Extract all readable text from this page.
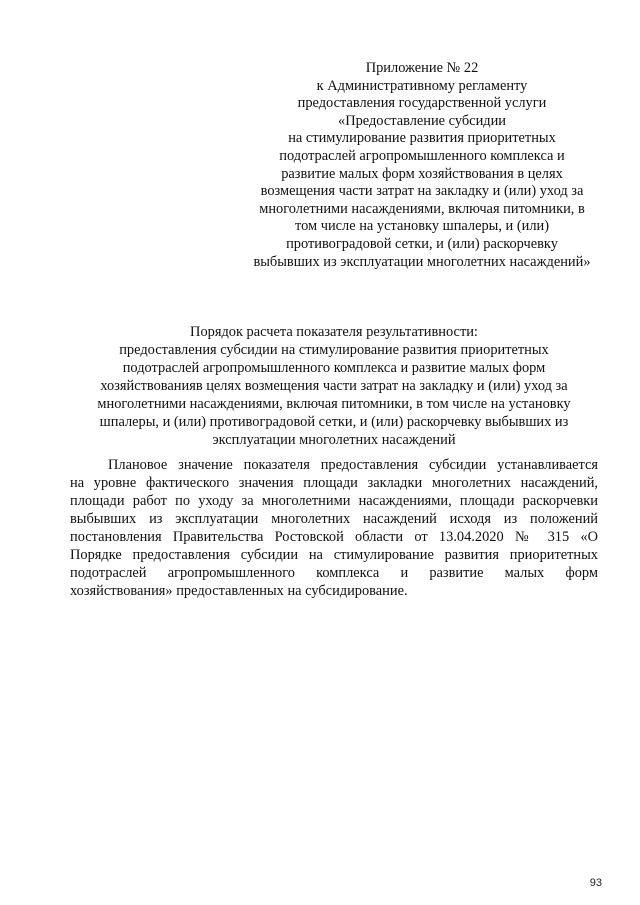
Приложение № 22
к Административному регламенту
предоставления государственной услуги
«Предоставление субсидии
на стимулирование развития приоритетных
подотраслей агропромышленного комплекса и
развитие малых форм хозяйствования в целях
возмещения части затрат на закладку и (или) уход за
многолетними насаждениями, включая питомники, в
том числе на установку шпалеры, и (или)
противоградовой сетки, и (или) раскорчевку
выбывших из эксплуатации многолетних насаждений»
Порядок расчета показателя результативности:
предоставления субсидии на стимулирование развития приоритетных
подотраслей агропромышленного комплекса и развитие малых форм
хозяйствованияв целях возмещения части затрат на закладку и (или) уход за
многолетними насаждениями, включая питомники, в том числе на установку
шпалеры, и (или) противоградовой сетки, и (или) раскорчевку выбывших из
эксплуатации многолетних насаждений
Плановое значение показателя предоставления субсидии устанавливается
на уровне фактического значения площади закладки многолетних насаждений,
площади работ по уходу за многолетними насаждениями, площади раскорчевки
выбывших из эксплуатации многолетних насаждений исходя из положений
постановления Правительства Ростовской области от 13.04.2020 № 315 «О
Порядке предоставления субсидии на стимулирование развития приоритетных
подотраслей агропромышленного комплекса и развитие малых форм
хозяйствования» предоставленных на субсидирование.
93
